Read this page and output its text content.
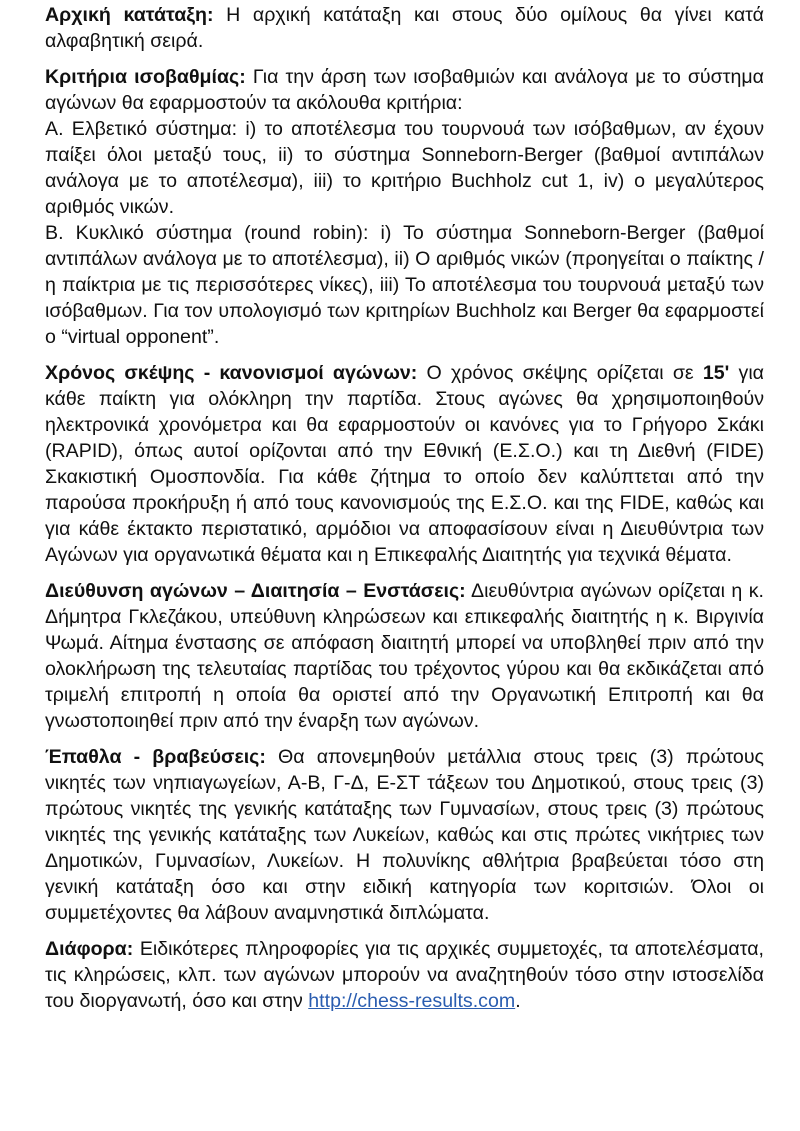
Αρχική κατάταξη: Η αρχική κατάταξη και στους δύο ομίλους θα γίνει κατά αλφαβητική σειρά.

Κριτήρια ισοβαθμίας: Για την άρση των ισοβαθμιών και ανάλογα με το σύστημα αγώνων θα εφαρμοστούν τα ακόλουθα κριτήρια:
Α. Ελβετικό σύστημα: i) το αποτέλεσμα του τουρνουά των ισόβαθμων, αν έχουν παίξει όλοι μεταξύ τους, ii) το σύστημα Sonneborn-Berger (βαθμοί αντιπάλων ανάλογα με το αποτέλεσμα), iii) το κριτήριο Buchholz cut 1, iv) ο μεγαλύτερος αριθμός νικών.
Β. Κυκλικό σύστημα (round robin): i) Το σύστημα Sonneborn-Berger (βαθμοί αντιπάλων ανάλογα με το αποτέλεσμα), ii) Ο αριθμός νικών (προηγείται ο παίκτης / η παίκτρια με τις περισσότερες νίκες), iii) Το αποτέλεσμα του τουρνουά μεταξύ των ισόβαθμων. Για τον υπολογισμό των κριτηρίων Buchholz και Berger θα εφαρμοστεί ο “virtual opponent”.

Χρόνος σκέψης - κανονισμοί αγώνων: Ο χρόνος σκέψης ορίζεται σε 15' για κάθε παίκτη για ολόκληρη την παρτίδα. Στους αγώνες θα χρησιμοποιηθούν ηλεκτρονικά χρονόμετρα και θα εφαρμοστούν οι κανόνες για το Γρήγορο Σκάκι (RAPID), όπως αυτοί ορίζονται από την Εθνική (Ε.Σ.Ο.) και τη Διεθνή (FIDE) Σκακιστική Ομοσπονδία. Για κάθε ζήτημα το οποίο δεν καλύπτεται από την παρούσα προκήρυξη ή από τους κανονισμούς της Ε.Σ.Ο. και της FIDE, καθώς και για κάθε έκτακτο περιστατικό, αρμόδιοι να αποφασίσουν είναι η Διευθύντρια των Αγώνων για οργανωτικά θέματα και η Επικεφαλής Διαιτητής για τεχνικά θέματα.

Διεύθυνση αγώνων – Διαιτησία – Ενστάσεις: Διευθύντρια αγώνων ορίζεται η κ. Δήμητρα Γκλεζάκου, υπεύθυνη κληρώσεων και επικεφαλής διαιτητής η κ. Βιργινία Ψωμά. Αίτημα ένστασης σε απόφαση διαιτητή μπορεί να υποβληθεί πριν από την ολοκλήρωση της τελευταίας παρτίδας του τρέχοντος γύρου και θα εκδικάζεται από τριμελή επιτροπή η οποία θα οριστεί από την Οργανωτική Επιτροπή και θα γνωστοποιηθεί πριν από την έναρξη των αγώνων.

Έπαθλα - βραβεύσεις: Θα απονεμηθούν μετάλλια στους τρεις (3) πρώτους νικητές των νηπιαγωγείων, Α-Β, Γ-Δ, Ε-ΣΤ τάξεων του Δημοτικού, στους τρεις (3) πρώτους νικητές της γενικής κατάταξης των Γυμνασίων, στους τρεις (3) πρώτους νικητές της γενικής κατάταξης των Λυκείων, καθώς και στις πρώτες νικήτριες των Δημοτικών, Γυμνασίων, Λυκείων. Η πολυνίκης αθλήτρια βραβεύεται τόσο στη γενική κατάταξη όσο και στην ειδική κατηγορία των κοριτσιών. Όλοι οι συμμετέχοντες θα λάβουν αναμνηστικά διπλώματα.

Διάφορα: Ειδικότερες πληροφορίες για τις αρχικές συμμετοχές, τα αποτελέσματα, τις κληρώσεις, κλπ. των αγώνων μπορούν να αναζητηθούν τόσο στην ιστοσελίδα του διοργανωτή, όσο και στην http://chess-results.com.
